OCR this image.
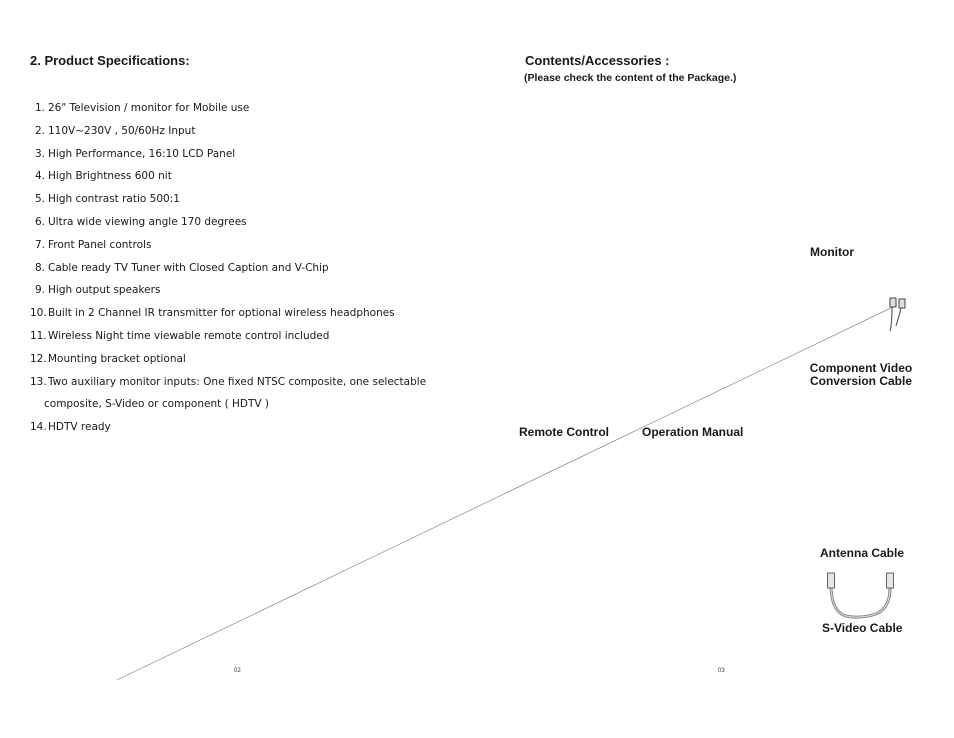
2. Product Specifications:
1. 26" Television / monitor for Mobile use
2. 110V~230V , 50/60Hz Input
3. High Performance, 16:10 LCD Panel
4. High Brightness 600 nit
5. High contrast ratio 500:1
6. Ultra wide viewing angle 170 degrees
7. Front Panel controls
8. Cable ready TV Tuner with Closed Caption and V-Chip
9. High output speakers
10.Built in 2 Channel IR transmitter for optional wireless headphones
11.Wireless Night time viewable remote control included
12.Mounting bracket optional
13.Two auxiliary monitor inputs: One fixed NTSC composite, one selectable
composite, S-Video or component ( HDTV )
14.HDTV ready
02
Contents/Accessories :
(Please check the content of the Package.)
Monitor
Component Video
Conversion Cable
Remote Control	Operation Manual
Antenna Cable
S-Video Cable
03
